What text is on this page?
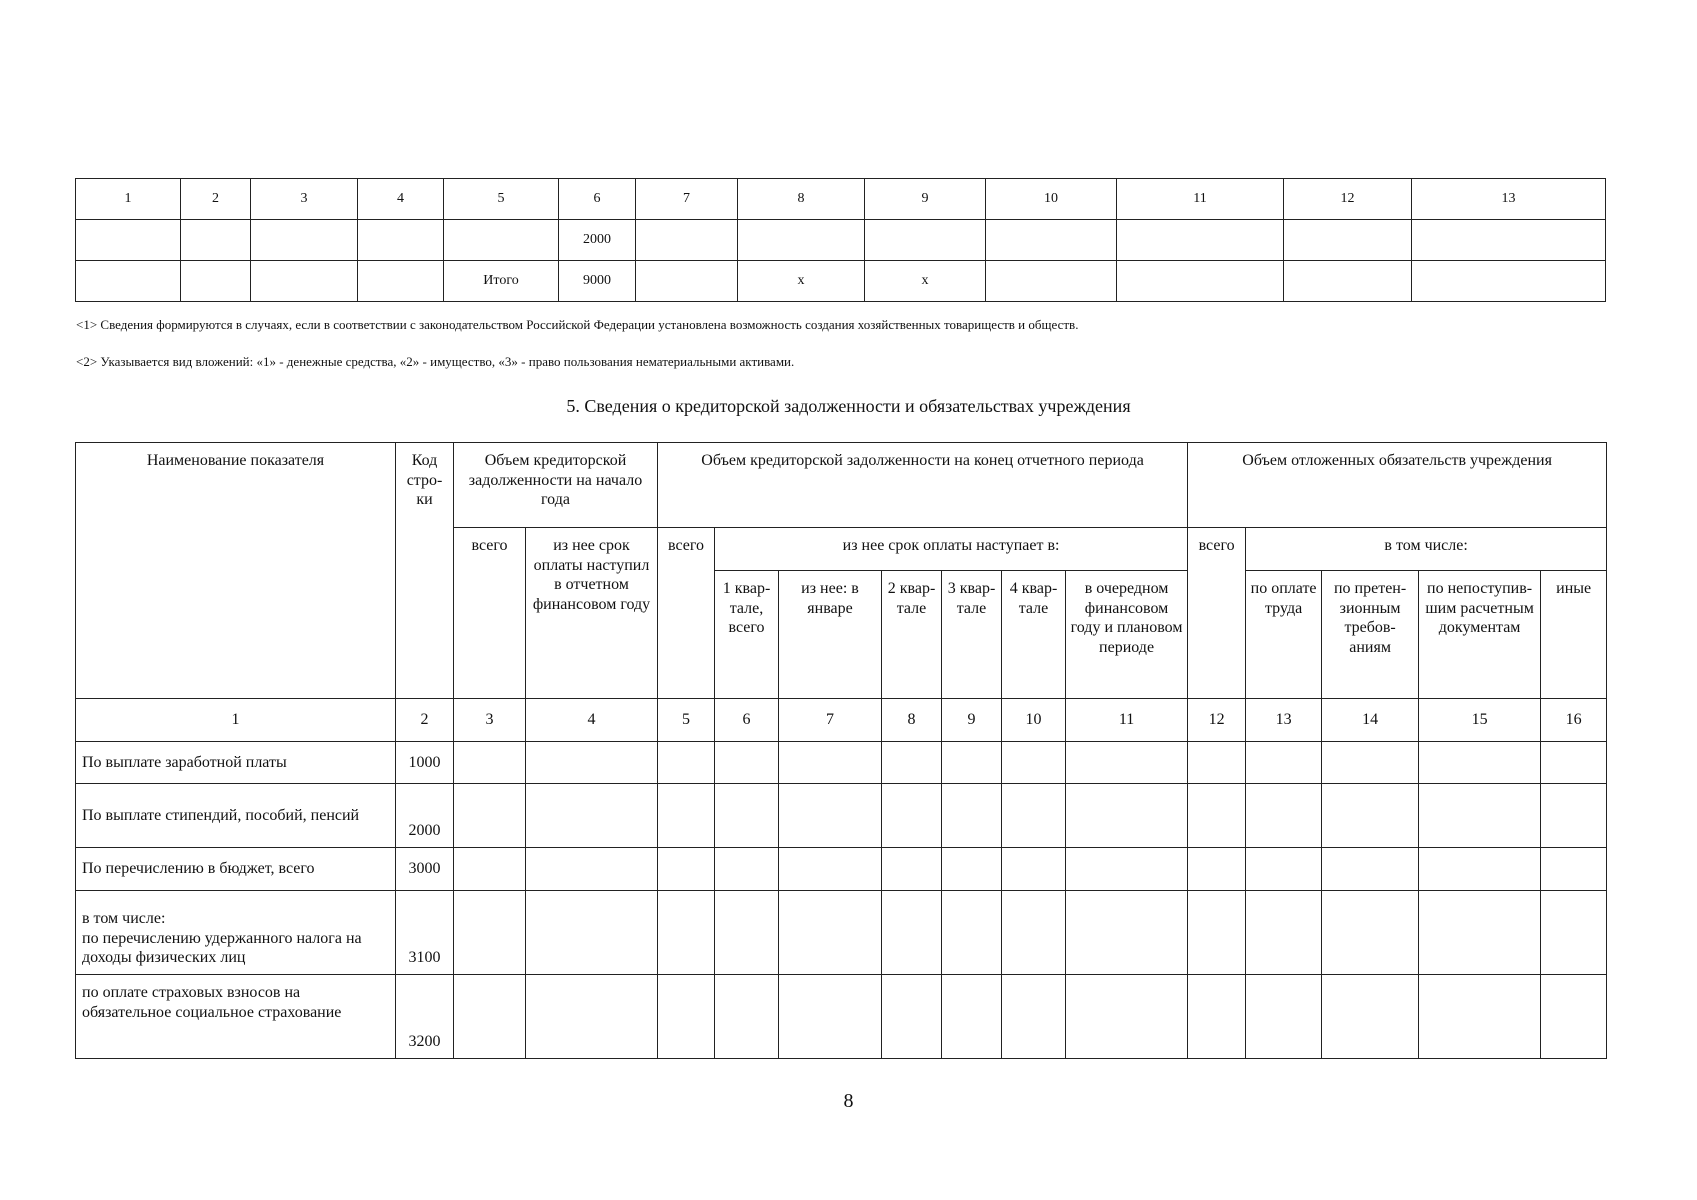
1	2	3	4	5	6	7	8	9	10	11	12	13
					2000							
				Итого	9000		x	x				
<1> Сведения формируются в случаях, если в соответствии с законодательством Российской Федерации установлена возможность создания хозяйственных товариществ и обществ.
<2> Указывается вид вложений: «1» - денежные средства, «2» - имущество, «3» - право пользования нематериальными активами.
5. Сведения о кредиторской задолженности и обязательствах учреждения
Наименование показателя	Код стро- ки	Объем кредиторской задолженности на начало года		Объем кредиторской задолженности на конец отчетного периода							Объем отложенных обязательств учреждения				
		всего	из нее срок оплаты наступил в отчетном финансовом году	всего	из нее срок оплаты наступает в:						всего	в том числе:			
					1 квар- тале, всего	из нее: в январе	2 квар- тале	3 квар- тале	4 квар- тале	в очередном финансовом году и плановом периоде		по оплате труда	по претен- зионным требов- аниям	по непоступив- шим расчетным документам	иные
1	2	3	4	5	6	7	8	9	10	11	12	13	14	15	16
По выплате заработной платы	1000														
По выплате стипендий, пособий, пенсий	2000														
По перечислению в бюджет, всего	3000														

в том числе:
по перечислению удержанного налога на доходы физических лиц	3100														
по оплате страховых взносов на обязательное социальное страхование	3200														
8
